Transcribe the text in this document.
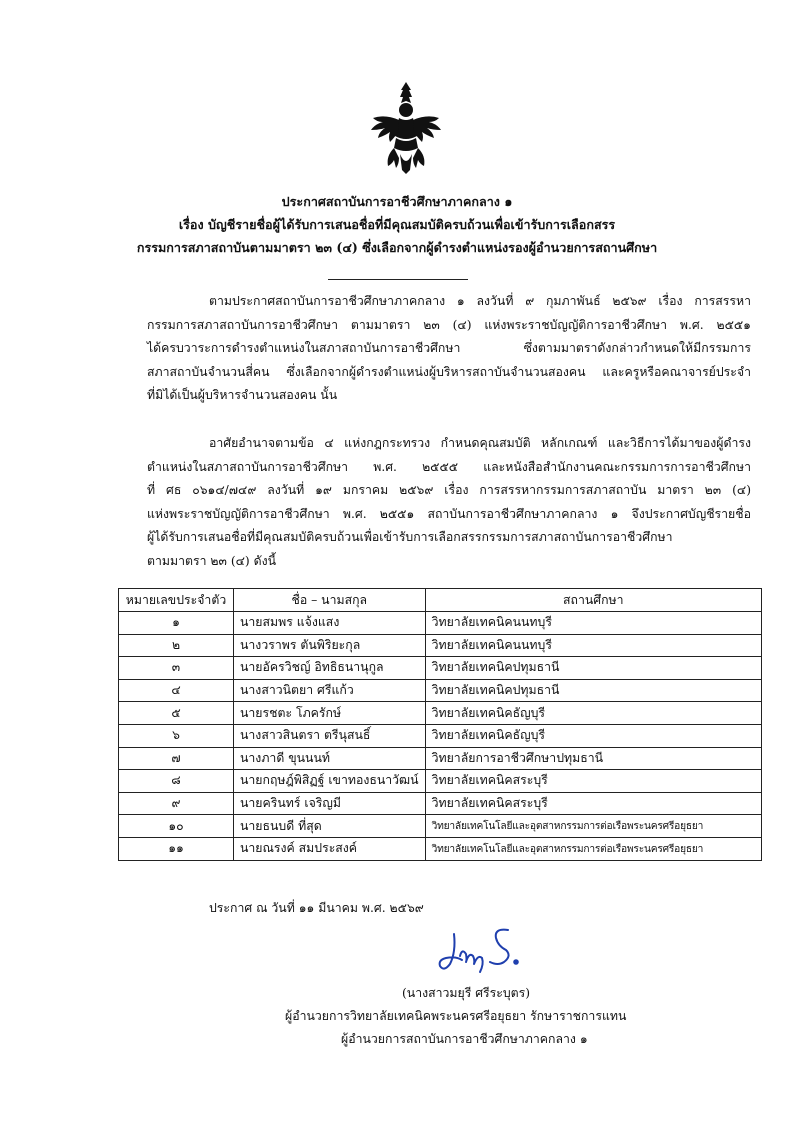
ประกาศสถาบันการอาชีวศึกษาภาคกลาง ๑
เรื่อง บัญชีรายชื่อผู้ได้รับการเสนอชื่อที่มีคุณสมบัติครบถ้วนเพื่อเข้ารับการเลือกสรร
กรรมการสภาสถาบันตามมาตรา ๒๓ (๔) ซึ่งเลือกจากผู้ดำรงตำแหน่งรองผู้อำนวยการสถานศึกษา
ตามประกาศสถาบันการอาชีวศึกษาภาคกลาง ๑ ลงวันที่ ๙ กุมภาพันธ์ ๒๕๖๙ เรื่อง การสรรหา
กรรมการสภาสถาบันการอาชีวศึกษา ตามมาตรา ๒๓ (๔) แห่งพระราชบัญญัติการอาชีวศึกษา พ.ศ. ๒๕๕๑
ได้ครบวาระการดำรงตำแหน่งในสภาสถาบันการอาชีวศึกษา ซึ่งตามมาตราดังกล่าวกำหนดให้มีกรรมการ
สภาสถาบันจำนวนสี่คน ซึ่งเลือกจากผู้ดำรงตำแหน่งผู้บริหารสถาบันจำนวนสองคน และครูหรือคณาจารย์ประจำ
ที่มิได้เป็นผู้บริหารจำนวนสองคน นั้น
อาศัยอำนาจตามข้อ ๔ แห่งกฎกระทรวง กำหนดคุณสมบัติ หลักเกณฑ์ และวิธีการได้มาของผู้ดำรง
ตำแหน่งในสภาสถาบันการอาชีวศึกษา พ.ศ. ๒๕๕๕ และหนังสือสำนักงานคณะกรรมการการอาชีวศึกษา
ที่ ศธ ๐๖๑๔/๗๔๙ ลงวันที่ ๑๙ มกราคม ๒๕๖๙ เรื่อง การสรรหากรรมการสภาสถาบัน มาตรา ๒๓ (๔)
แห่งพระราชบัญญัติการอาชีวศึกษา พ.ศ. ๒๕๕๑ สถาบันการอาชีวศึกษาภาคกลาง ๑ จึงประกาศบัญชีรายชื่อ
ผู้ได้รับการเสนอชื่อที่มีคุณสมบัติครบถ้วนเพื่อเข้ารับการเลือกสรรกรรมการสภาสถาบันการอาชีวศึกษา
ตามมาตรา ๒๓ (๔) ดังนี้
หมายเลขประจำตัว	ชื่อ – นามสกุล	สถานศึกษา
๑	นายสมพร แจ้งแสง	วิทยาลัยเทคนิคนนทบุรี
๒	นางวราพร ตันพิริยะกุล	วิทยาลัยเทคนิคนนทบุรี
๓	นายอัครวิชญ์ อิทธิธนานุกูล	วิทยาลัยเทคนิคปทุมธานี
๔	นางสาวนิตยา ศรีแก้ว	วิทยาลัยเทคนิคปทุมธานี
๕	นายรชตะ โภครักษ์	วิทยาลัยเทคนิคธัญบุรี
๖	นางสาวสินตรา ตรีนุสนธิ์	วิทยาลัยเทคนิคธัญบุรี
๗	นางภาดี ขุนนนท์	วิทยาลัยการอาชีวศึกษาปทุมธานี
๘	นายกฤษฎ์พิสิฏฐ์ เขาทองธนาวัฒน์	วิทยาลัยเทคนิคสระบุรี
๙	นายครินทร์ เจริญมี	วิทยาลัยเทคนิคสระบุรี
๑๐	นายธนบดี ที่สุด	วิทยาลัยเทคโนโลยีและอุตสาหกรรมการต่อเรือพระนครศรีอยุธยา
๑๑	นายณรงค์ สมประสงค์	วิทยาลัยเทคโนโลยีและอุตสาหกรรมการต่อเรือพระนครศรีอยุธยา
ประกาศ ณ วันที่ ๑๑ มีนาคม พ.ศ. ๒๕๖๙
(นางสาวมยุรี ศรีระบุตร)
ผู้อำนวยการวิทยาลัยเทคนิคพระนครศรีอยุธยา รักษาราชการแทน
ผู้อำนวยการสถาบันการอาชีวศึกษาภาคกลาง ๑
